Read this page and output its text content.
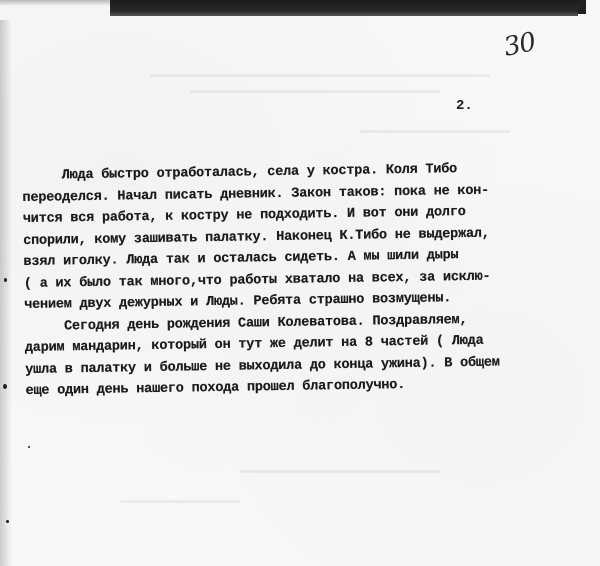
30
2.
Люда быстро отработалась, села у костра. Коля Тибо
переоделся. Начал писать дневник. Закон таков: пока не кон-
чится вся работа, к костру не подходить. И вот они долго
спорили, кому зашивать палатку. Наконец К.Тибо не выдержал,
взял иголку. Люда так и осталась сидеть. А мы шили дыры
( а их было так много,что работы хватало на всех, за исклю-
чением двух дежурных и Люды. Ребята страшно возмущены.
Сегодня день рождения Саши Колеватова. Поздравляем,
дарим мандарин, который он тут же делит на 8 частей ( Люда
ушла в палатку и больше не выходила до конца ужина). В общем
еще один день нашего похода прошел благополучно.
